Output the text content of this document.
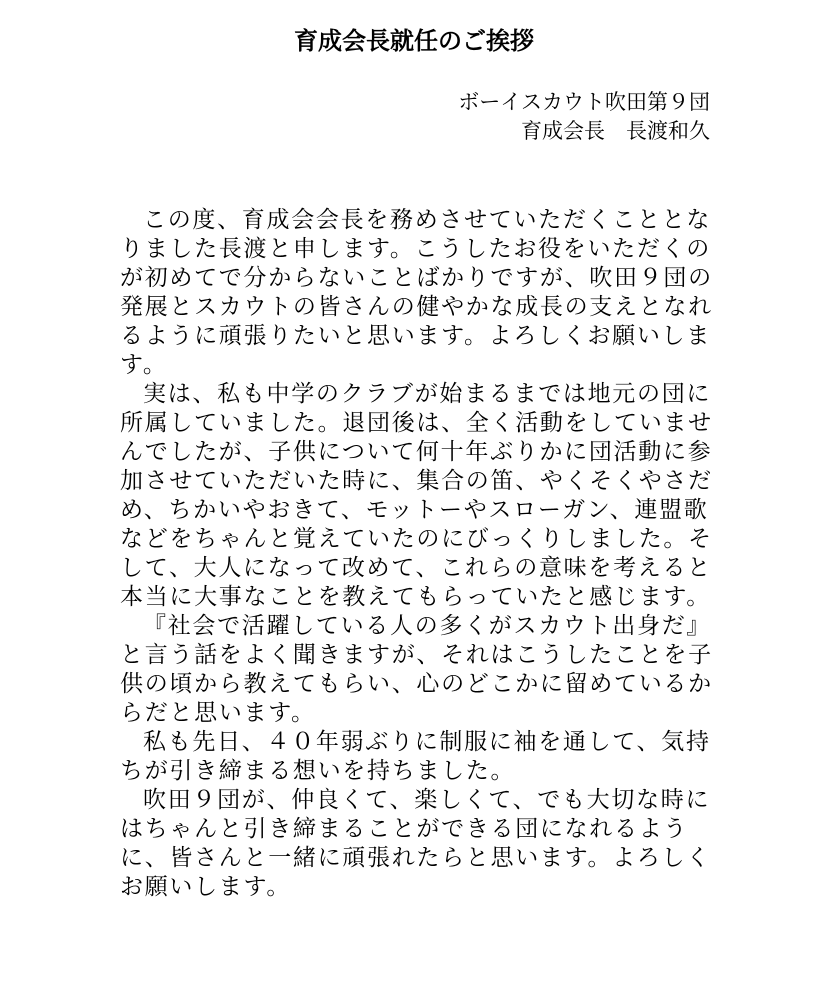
育成会長就任のご挨拶
ボーイスカウト吹田第９団
育成会長　長渡和久

この度、育成会会長を務めさせていただくこととなりました長渡と申します。こうしたお役をいただくのが初めてで分からないことばかりですが、吹田９団の発展とスカウトの皆さんの健やかな成長の支えとなれるように頑張りたいと思います。よろしくお願いします。

実は、私も中学のクラブが始まるまでは地元の団に所属していました。退団後は、全く活動をしていませんでしたが、子供について何十年ぶりかに団活動に参加させていただいた時に、集合の笛、やくそくやさだめ、ちかいやおきて、モットーやスローガン、連盟歌などをちゃんと覚えていたのにびっくりしました。そして、大人になって改めて、これらの意味を考えると本当に大事なことを教えてもらっていたと感じます。

『社会で活躍している人の多くがスカウト出身だ』と言う話をよく聞きますが、それはこうしたことを子供の頃から教えてもらい、心のどこかに留めているからだと思います。

私も先日、４０年弱ぶりに制服に袖を通して、気持ちが引き締まる想いを持ちました。

吹田９団が、仲良くて、楽しくて、でも大切な時にはちゃんと引き締まることができる団になれるように、皆さんと一緒に頑張れたらと思います。よろしくお願いします。
